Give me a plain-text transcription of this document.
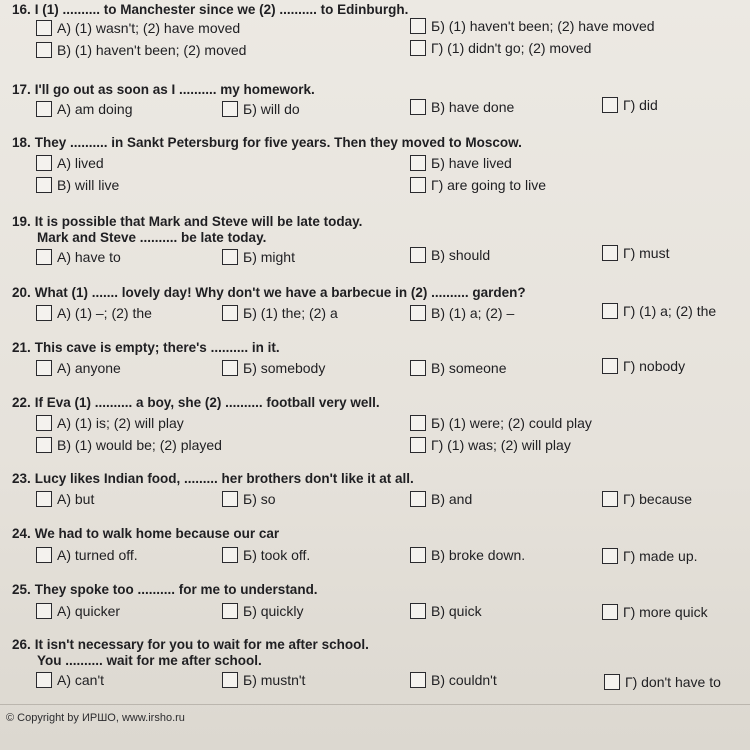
16. I (1) .......... to Manchester since we (2) .......... to Edinburgh.
А) (1) wasn't; (2) have moved	Б) (1) haven't been; (2) have moved
В) (1) haven't been; (2) moved	Г) (1) didn't go; (2) moved
17. I'll go out as soon as I .......... my homework.
А) am doing	Б) will do	В) have done	Г) did
18. They .......... in Sankt Petersburg for five years. Then they moved to Moscow.
А) lived	Б) have lived
В) will live	Г) are going to live
19. It is possible that Mark and Steve will be late today.
Mark and Steve .......... be late today.
А) have to	Б) might	В) should	Г) must
20. What (1) ....... lovely day! Why don't we have a barbecue in (2) .......... garden?
А) (1) –; (2) the	Б) (1) the; (2) a	В) (1) a; (2) –	Г) (1) a; (2) the
21. This cave is empty; there's .......... in it.
А) anyone	Б) somebody	В) someone	Г) nobody
22. If Eva (1) .......... a boy, she (2) .......... football very well.
А) (1) is; (2) will play	Б) (1) were; (2) could play
В) (1) would be; (2) played	Г) (1) was; (2) will play
23. Lucy likes Indian food, ......... her brothers don't like it at all.
А) but	Б) so	В) and	Г) because
24. We had to walk home because our car
А) turned off.	Б) took off.	В) broke down.	Г) made up.
25. They spoke too .......... for me to understand.
А) quicker	Б) quickly	В) quick	Г) more quick
26. It isn't necessary for you to wait for me after school.
You .......... wait for me after school.
А) can't	Б) mustn't	В) couldn't	Г) don't have to
© Copyright by ИРШО, www.irsho.ru
